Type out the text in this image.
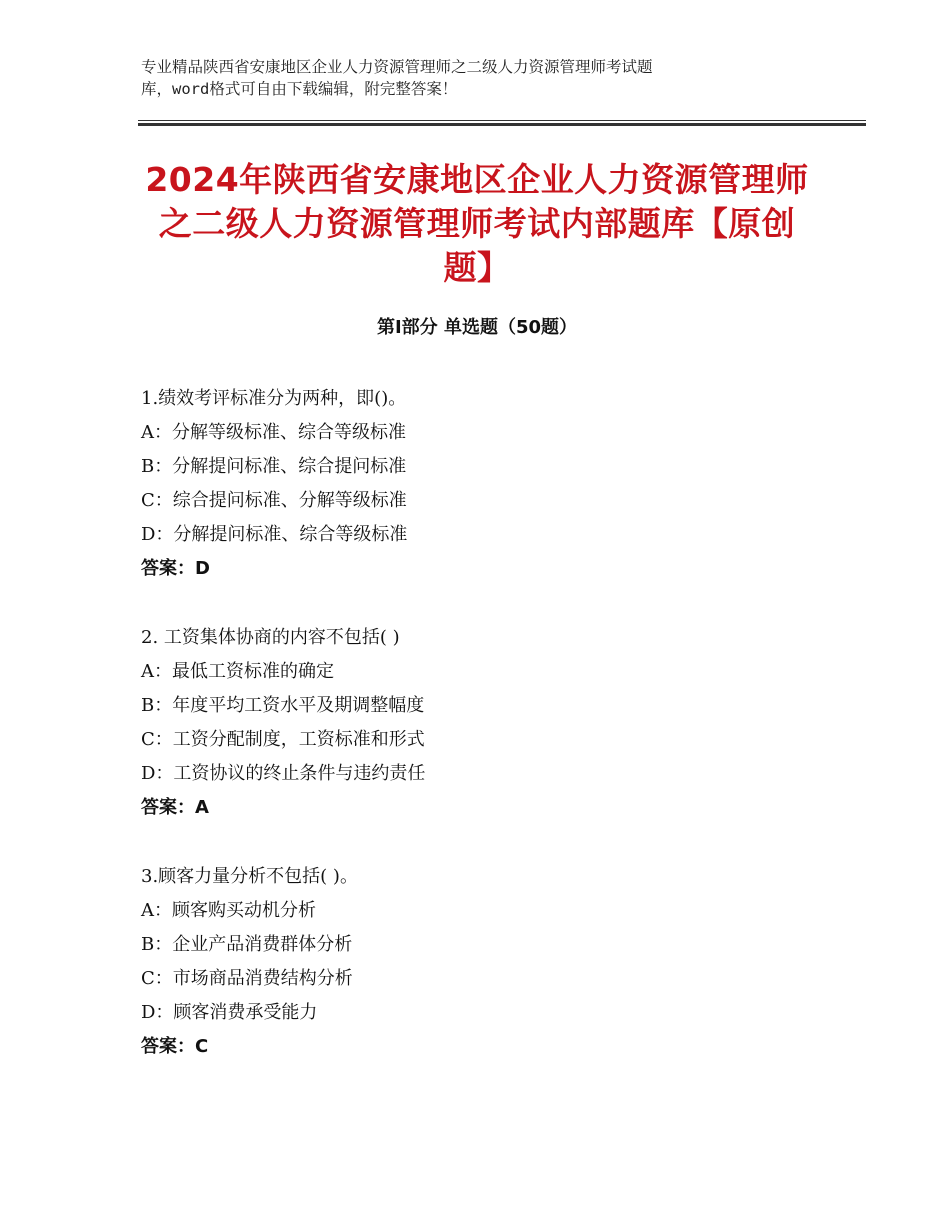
专业精品陕西省安康地区企业人力资源管理师之二级人力资源管理师考试题
库，word格式可自由下载编辑，附完整答案！
2024年陕西省安康地区企业人力资源管理师
之二级人力资源管理师考试内部题库【原创
题】
第Ⅰ部分 单选题（50题）
1.绩效考评标准分为两种，即()。
A：分解等级标准、综合等级标准
B：分解提问标准、综合提问标准
C：综合提问标准、分解等级标准
D：分解提问标准、综合等级标准
答案：D
2. 工资集体协商的内容不包括( )
A：最低工资标准的确定
B：年度平均工资水平及期调整幅度
C：工资分配制度，工资标准和形式
D：工资协议的终止条件与违约责任
答案：A
3.顾客力量分析不包括( )。
A：顾客购买动机分析
B：企业产品消费群体分析
C：市场商品消费结构分析
D：顾客消费承受能力
答案：C
